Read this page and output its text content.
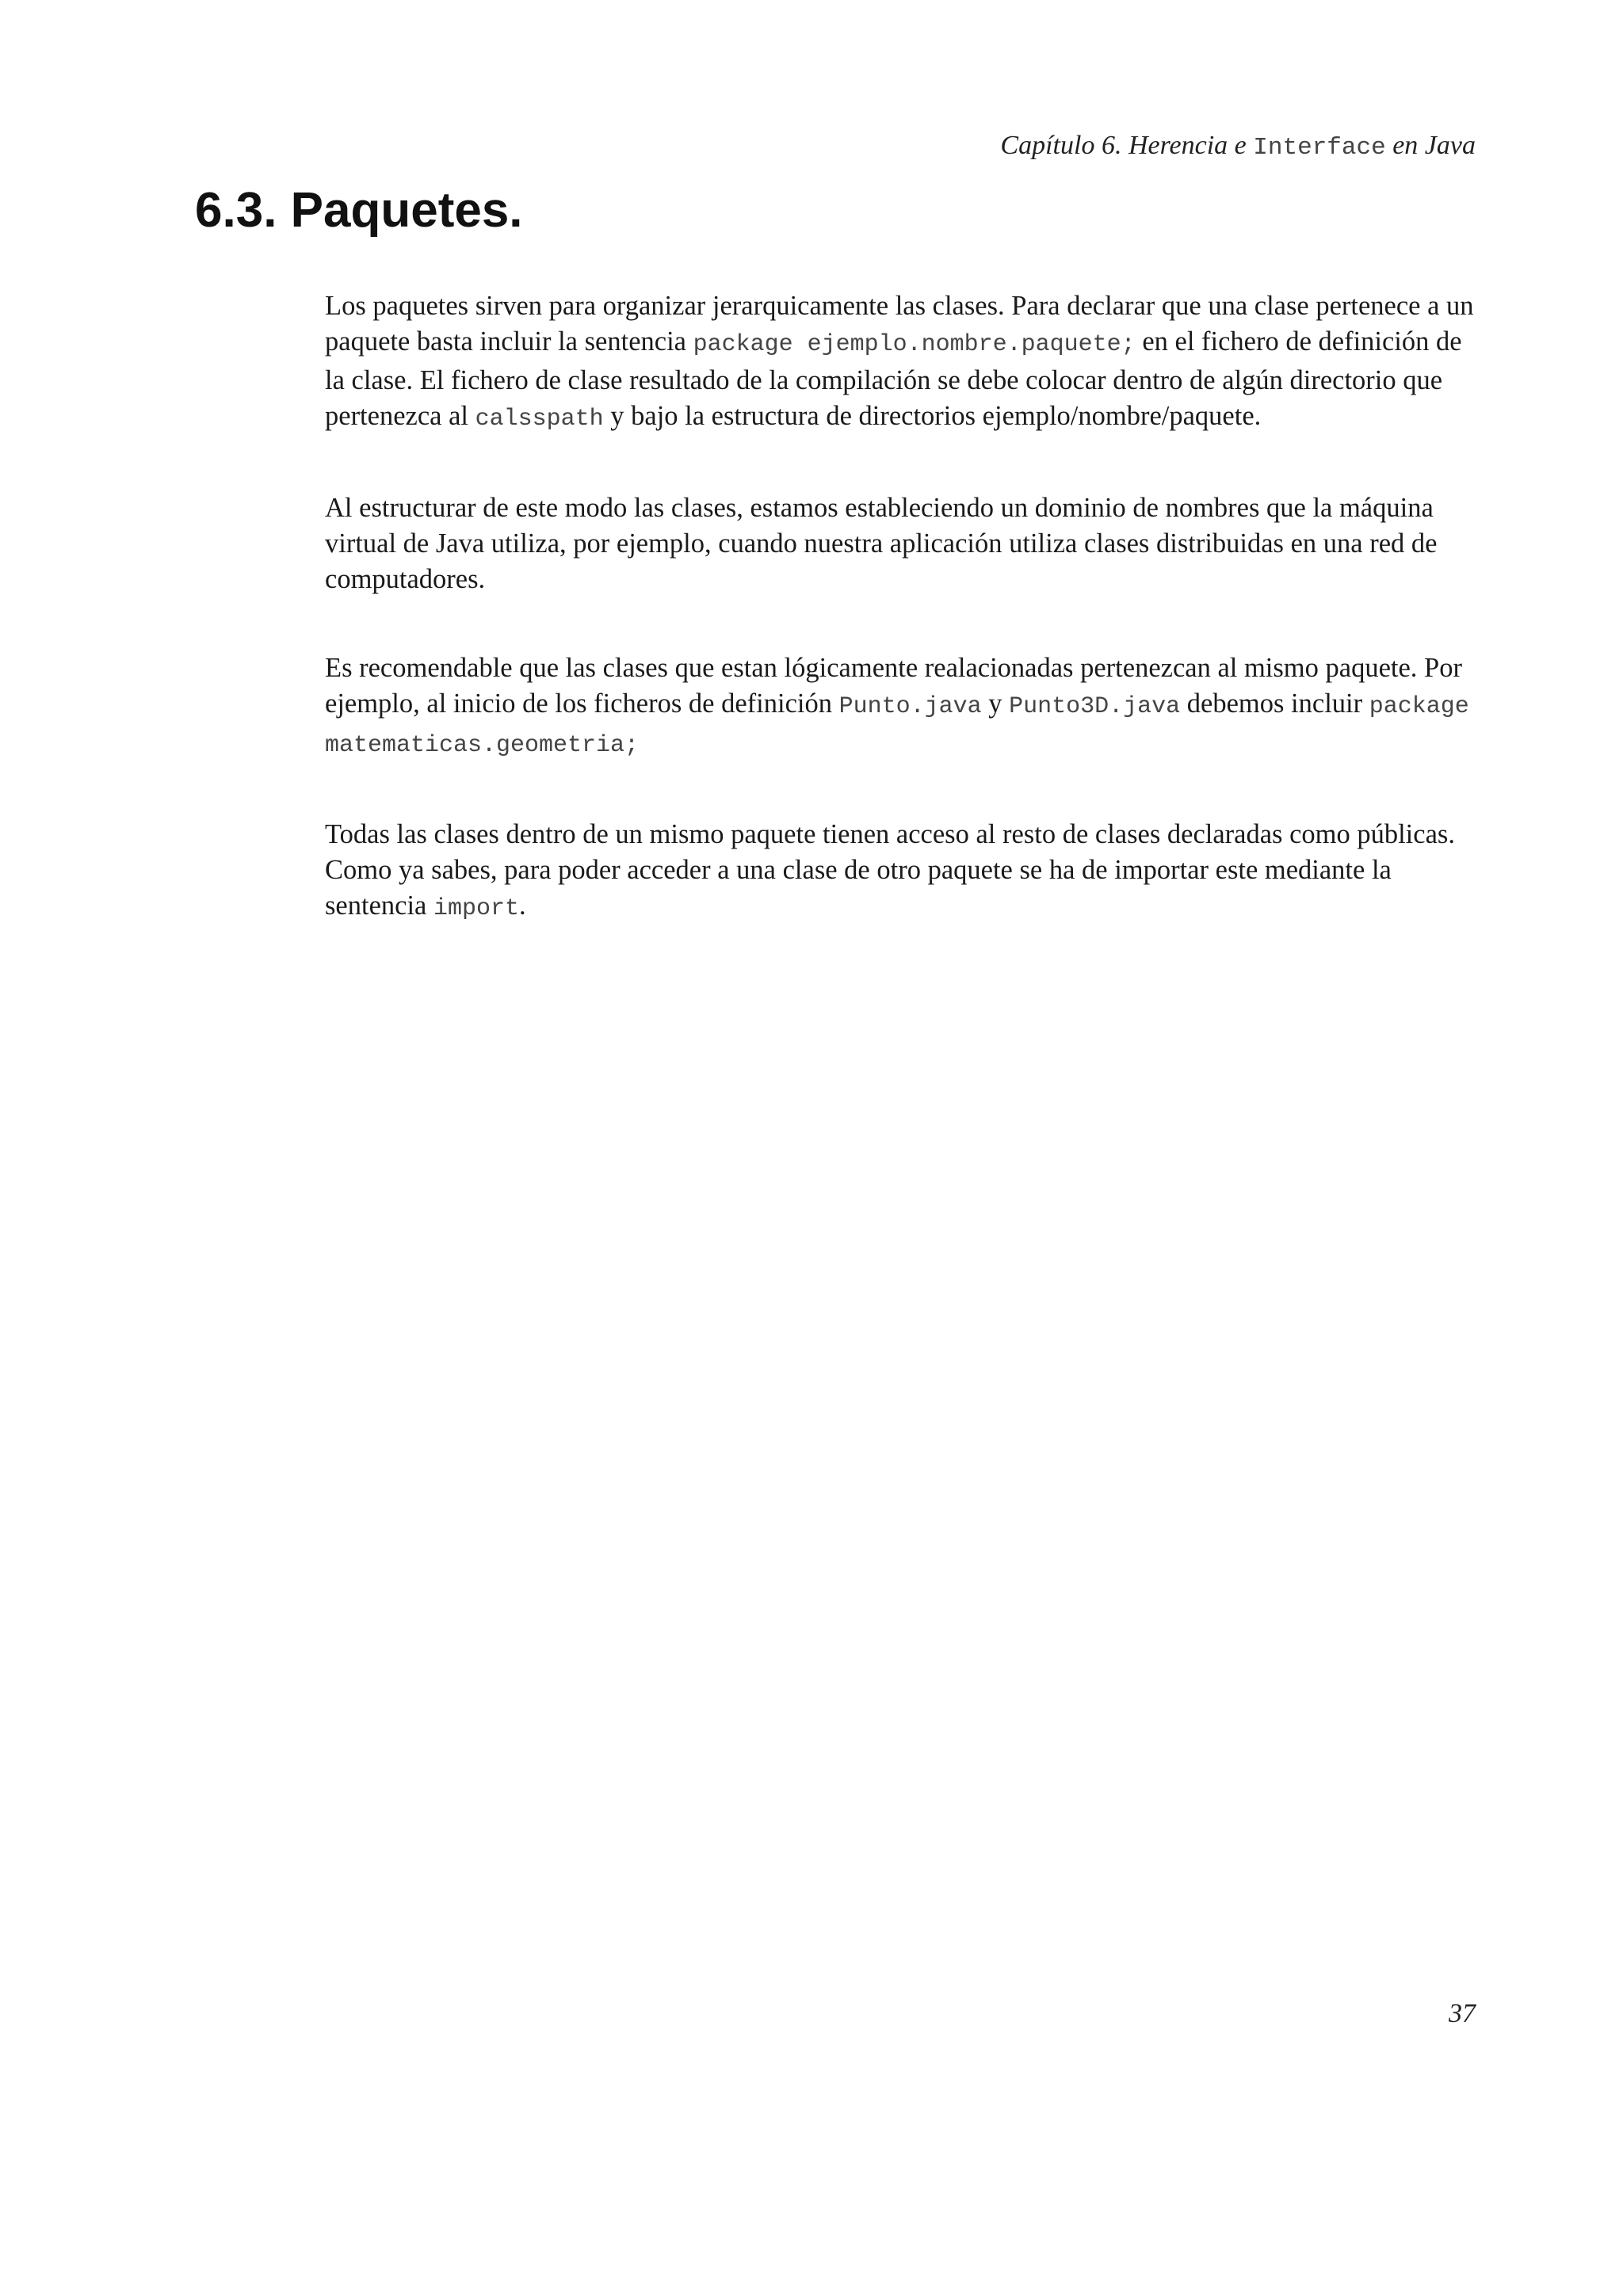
Capítulo 6. Herencia e Interface en Java
6.3. Paquetes.

Los paquetes sirven para organizar jerarquicamente las clases. Para declarar que una clase pertenece a un paquete basta incluir la sentencia package ejemplo.nombre.paquete; en el fichero de definición de la clase. El fichero de clase resultado de la compilación se debe colocar dentro de algún directorio que pertenezca al calsspath y bajo la estructura de directorios ejemplo/nombre/paquete.

Al estructurar de este modo las clases, estamos estableciendo un dominio de nombres que la máquina virtual de Java utiliza, por ejemplo, cuando nuestra aplicación utiliza clases distribuidas en una red de computadores.

Es recomendable que las clases que estan lógicamente realacionadas pertenezcan al mismo paquete. Por ejemplo, al inicio de los ficheros de definición Punto.java y Punto3D.java debemos incluir package matematicas.geometria;

Todas las clases dentro de un mismo paquete tienen acceso al resto de clases declaradas como públicas. Como ya sabes, para poder acceder a una clase de otro paquete se ha de importar este mediante la sentencia import.

37
